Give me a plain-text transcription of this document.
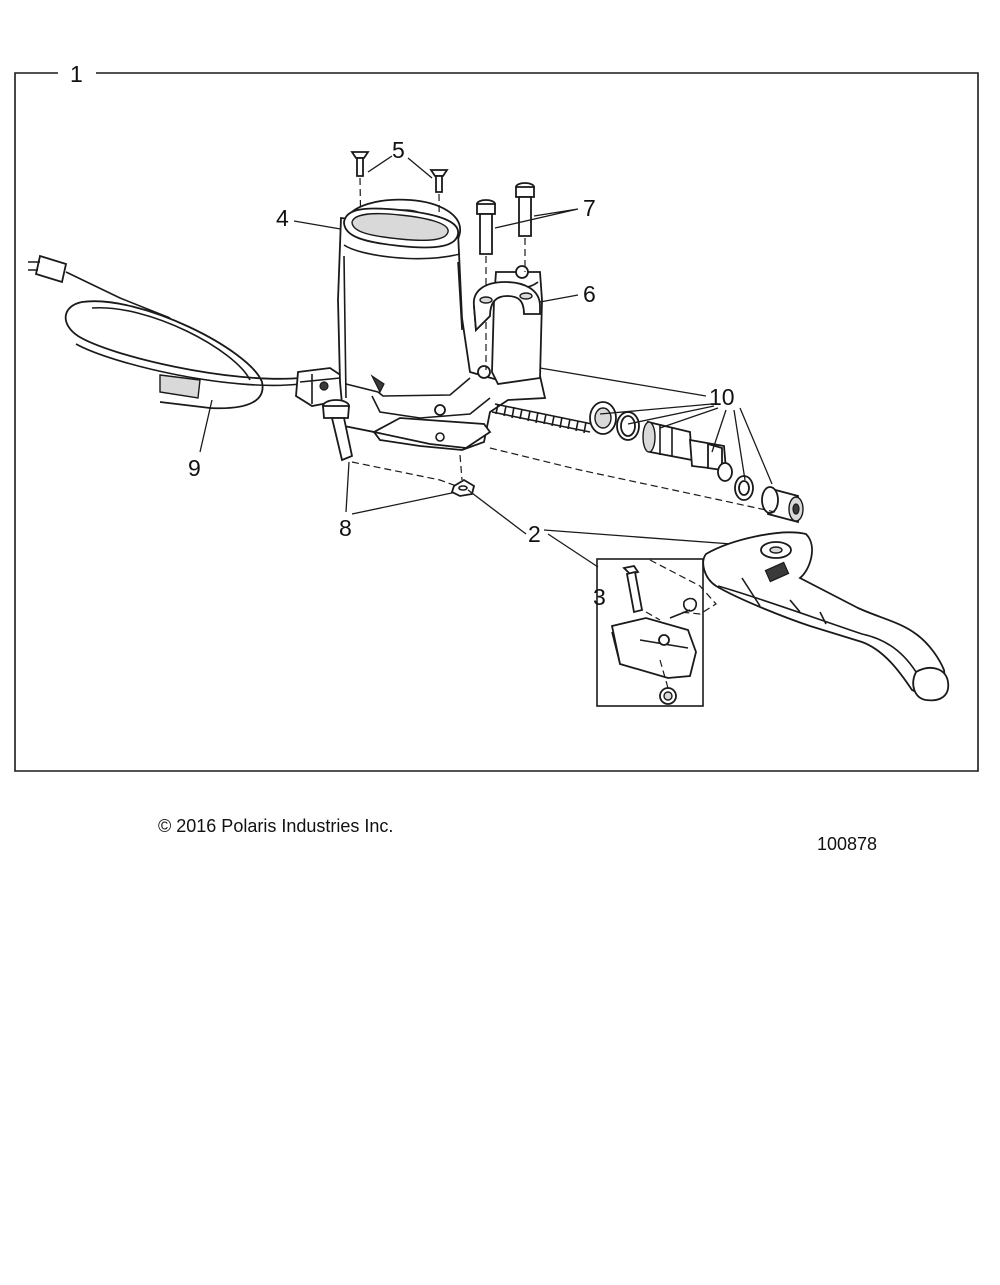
1
9
4
5
7
6
8	2
10
3
© 2016 Polaris Industries Inc.
100878
